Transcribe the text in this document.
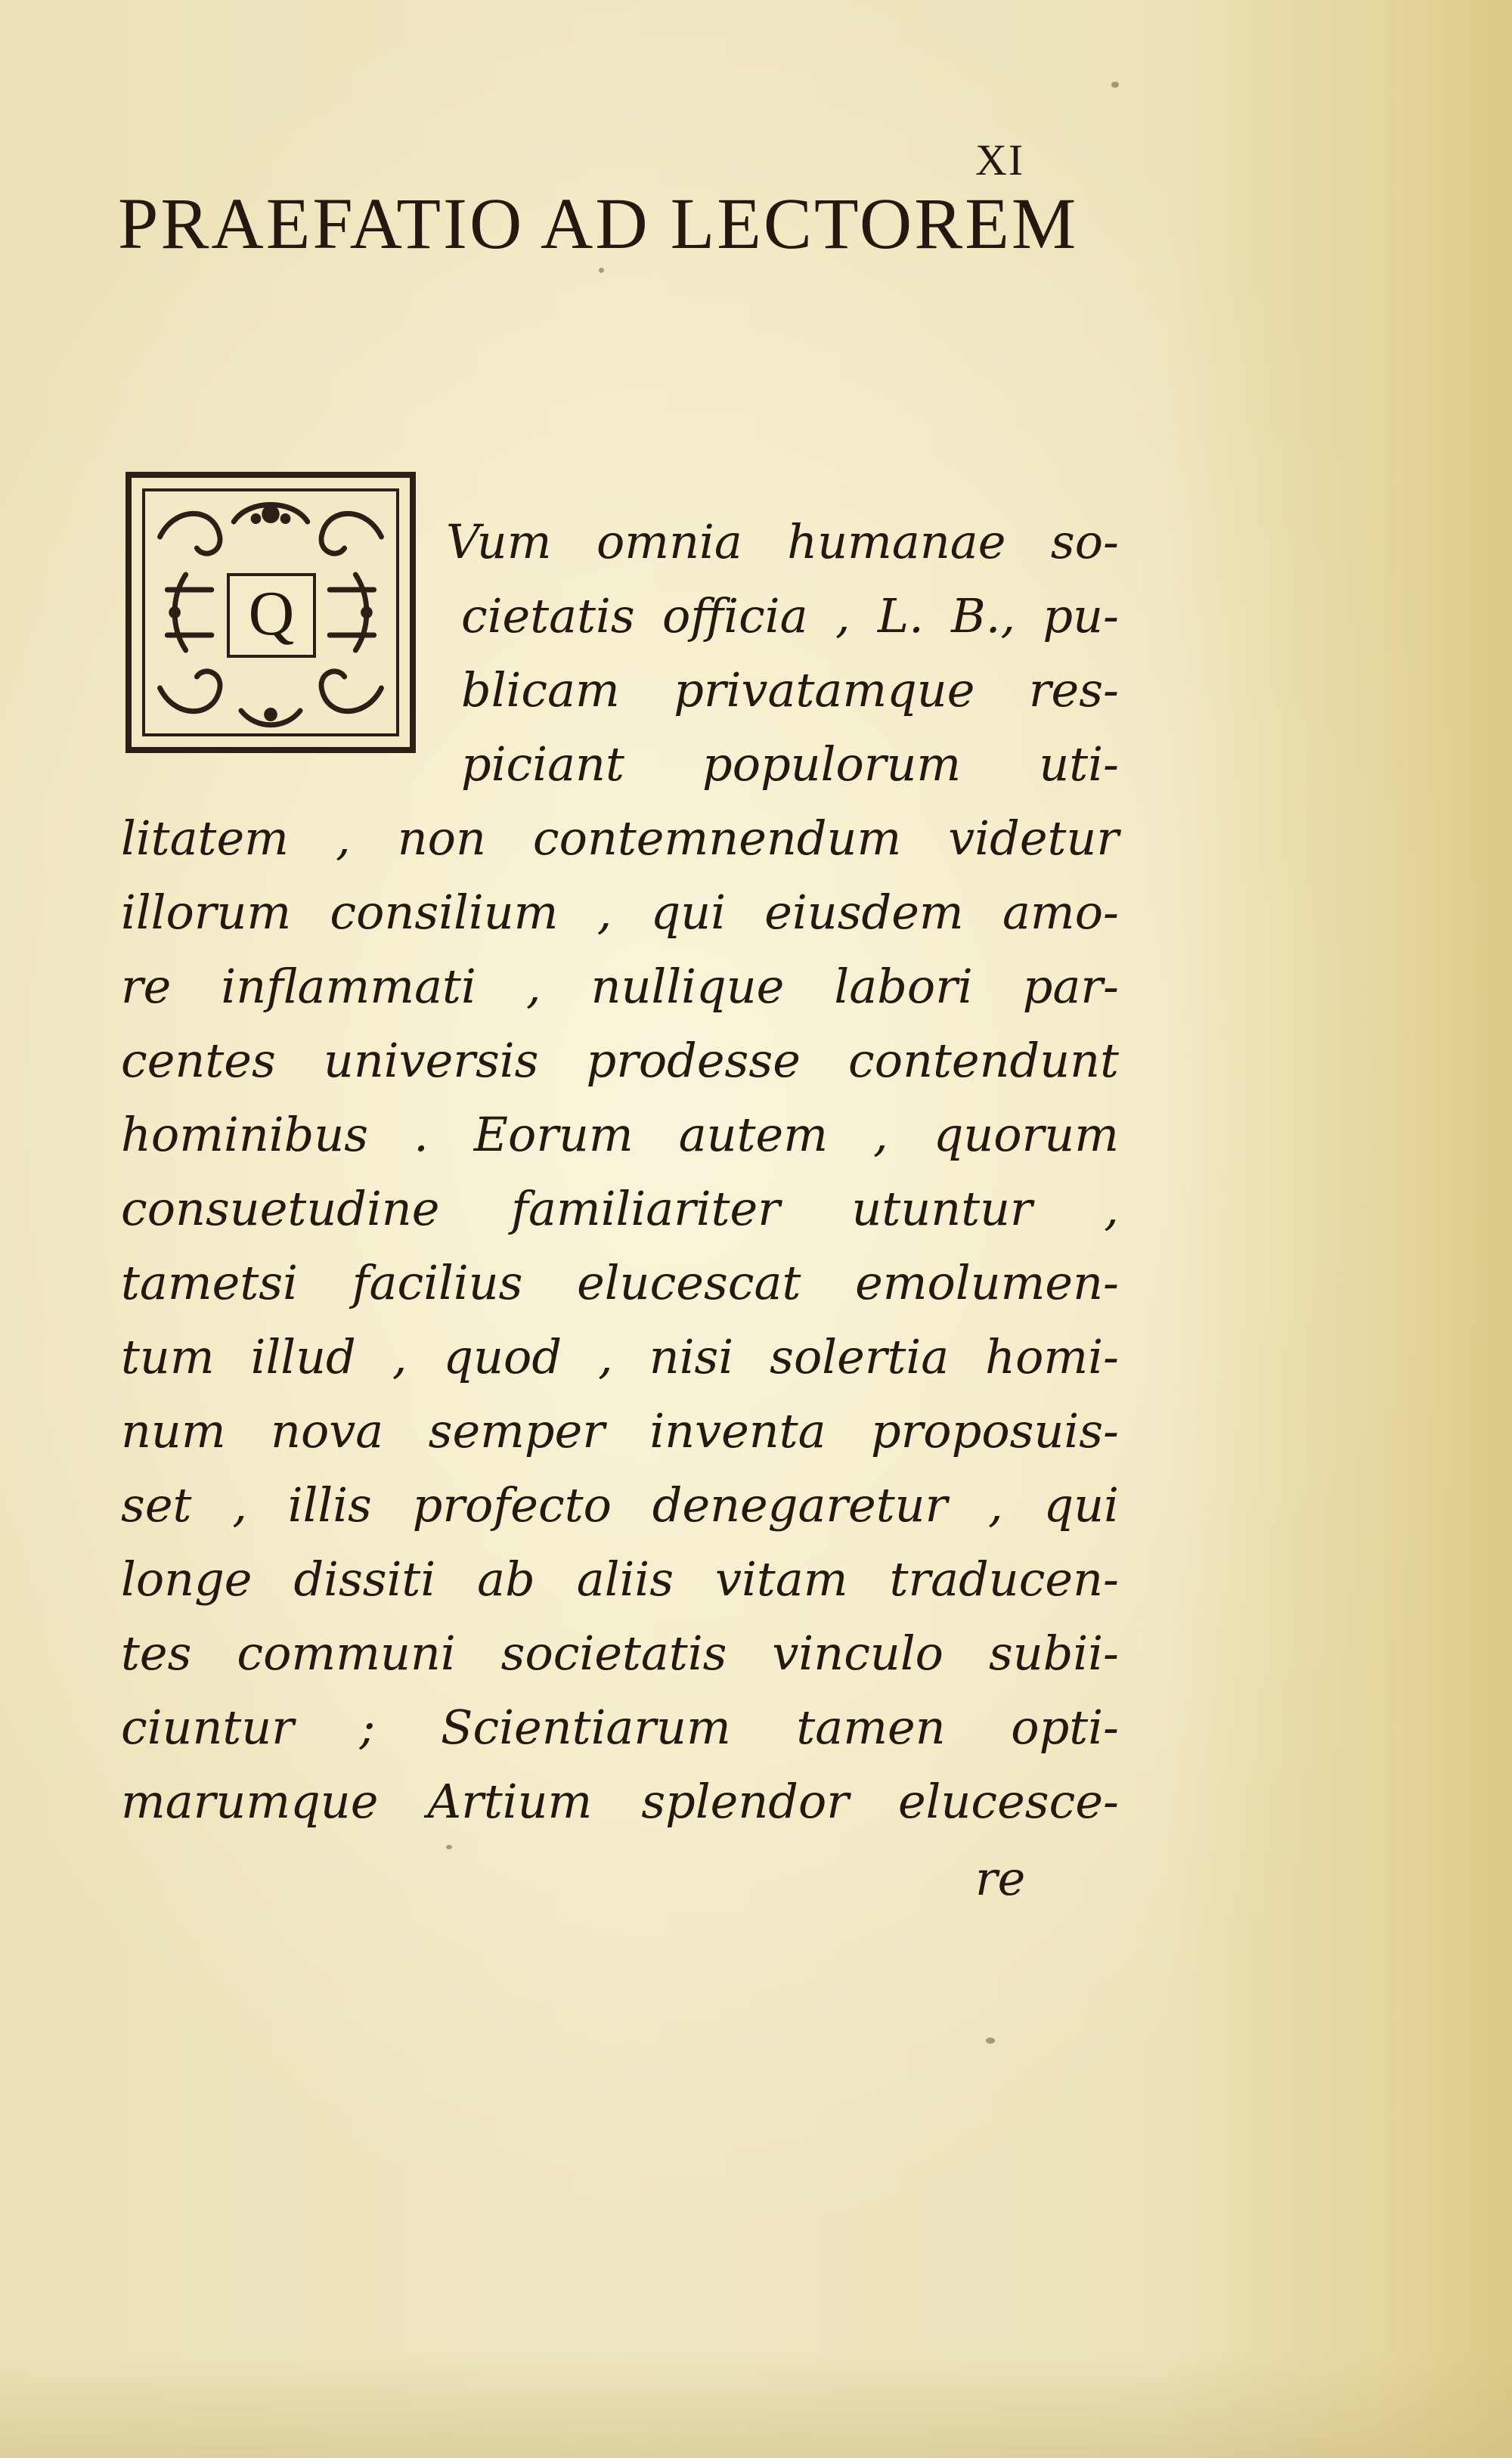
XI
PRAEFATIO AD LECTOREM
Q
Vum omnia humanae so-
cietatis officia , L. B., pu-
blicam privatamque res-
piciant populorum uti-
litatem , non contemnendum videtur
illorum consilium , qui eiusdem amo-
re inflammati , nullique labori par-
centes universis prodesse contendunt
hominibus . Eorum autem , quorum
consuetudine familiariter utuntur ,
tametsi facilius elucescat emolumen-
tum illud , quod , nisi solertia homi-
num nova semper inventa proposuis-
set , illis profecto denegaretur , qui
longe dissiti ab aliis vitam traducen-
tes communi societatis vinculo subii-
ciuntur ; Scientiarum tamen opti-
marumque Artium splendor elucesce-
re
